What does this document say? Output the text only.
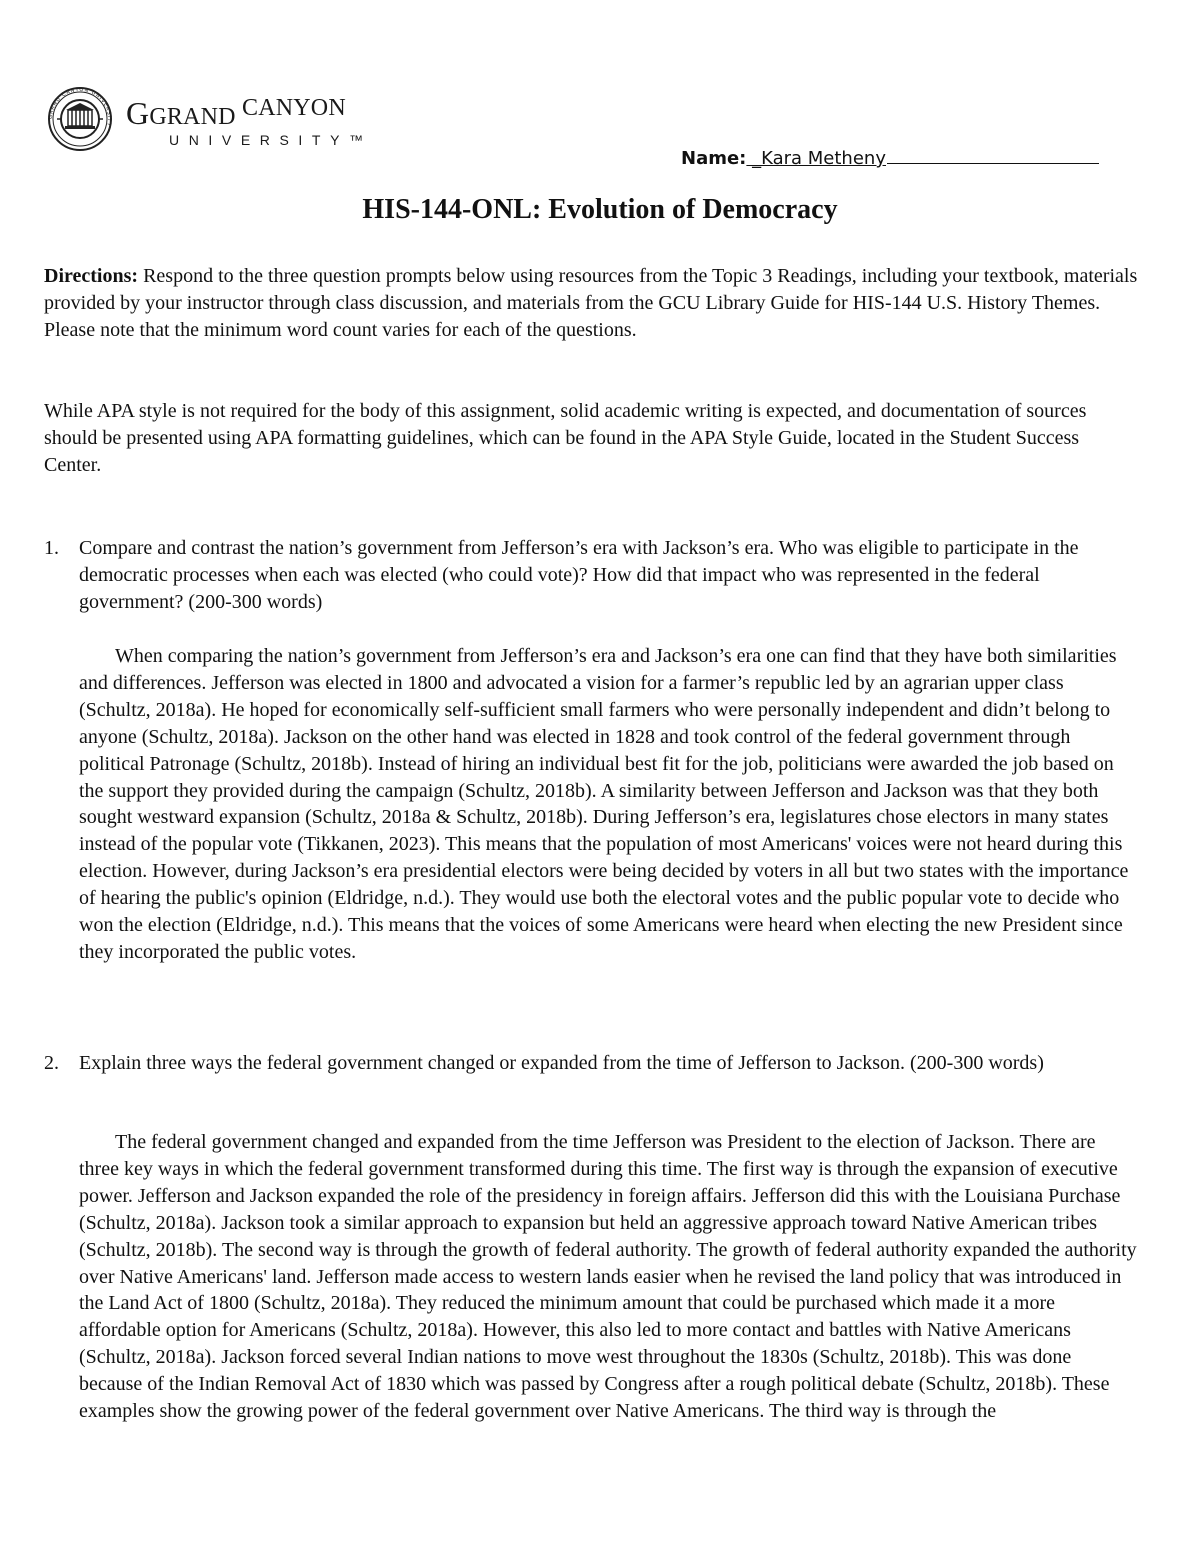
GRAND CANYON UNIVERSITY GGRAND CANYON
UNIVERSITY™
Name: _Kara Metheny
HIS-144-ONL: Evolution of Democracy
Directions: Respond to the three question prompts below using resources from the Topic 3 Readings, including your textbook, materials provided by your instructor through class discussion, and materials from the GCU Library Guide for HIS-144 U.S. History Themes. Please note that the minimum word count varies for each of the questions.
While APA style is not required for the body of this assignment, solid academic writing is expected, and documentation of sources should be presented using APA formatting guidelines, which can be found in the APA Style Guide, located in the Student Success Center.
1. Compare and contrast the nation’s government from Jefferson’s era with Jackson’s era. Who was eligible to participate in the democratic processes when each was elected (who could vote)? How did that impact who was represented in the federal government? (200-300 words)
When comparing the nation’s government from Jefferson’s era and Jackson’s era one can find that they have both similarities and differences. Jefferson was elected in 1800 and advocated a vision for a farmer’s republic led by an agrarian upper class (Schultz, 2018a). He hoped for economically self-sufficient small farmers who were personally independent and didn’t belong to anyone (Schultz, 2018a). Jackson on the other hand was elected in 1828 and took control of the federal government through political Patronage (Schultz, 2018b). Instead of hiring an individual best fit for the job, politicians were awarded the job based on the support they provided during the campaign (Schultz, 2018b). A similarity between Jefferson and Jackson was that they both sought westward expansion (Schultz, 2018a & Schultz, 2018b). During Jefferson’s era, legislatures chose electors in many states instead of the popular vote (Tikkanen, 2023). This means that the population of most Americans' voices were not heard during this election. However, during Jackson’s era presidential electors were being decided by voters in all but two states with the importance of hearing the public's opinion (Eldridge, n.d.). They would use both the electoral votes and the public popular vote to decide who won the election (Eldridge, n.d.). This means that the voices of some Americans were heard when electing the new President since they incorporated the public votes.
2. Explain three ways the federal government changed or expanded from the time of Jefferson to Jackson. (200-300 words)
The federal government changed and expanded from the time Jefferson was President to the election of Jackson. There are three key ways in which the federal government transformed during this time. The first way is through the expansion of executive power. Jefferson and Jackson expanded the role of the presidency in foreign affairs. Jefferson did this with the Louisiana Purchase (Schultz, 2018a). Jackson took a similar approach to expansion but held an aggressive approach toward Native American tribes (Schultz, 2018b). The second way is through the growth of federal authority. The growth of federal authority expanded the authority over Native Americans' land. Jefferson made access to western lands easier when he revised the land policy that was introduced in the Land Act of 1800 (Schultz, 2018a). They reduced the minimum amount that could be purchased which made it a more affordable option for Americans (Schultz, 2018a). However, this also led to more contact and battles with Native Americans (Schultz, 2018a). Jackson forced several Indian nations to move west throughout the 1830s (Schultz, 2018b). This was done because of the Indian Removal Act of 1830 which was passed by Congress after a rough political debate (Schultz, 2018b). These examples show the growing power of the federal government over Native Americans. The third way is through the
